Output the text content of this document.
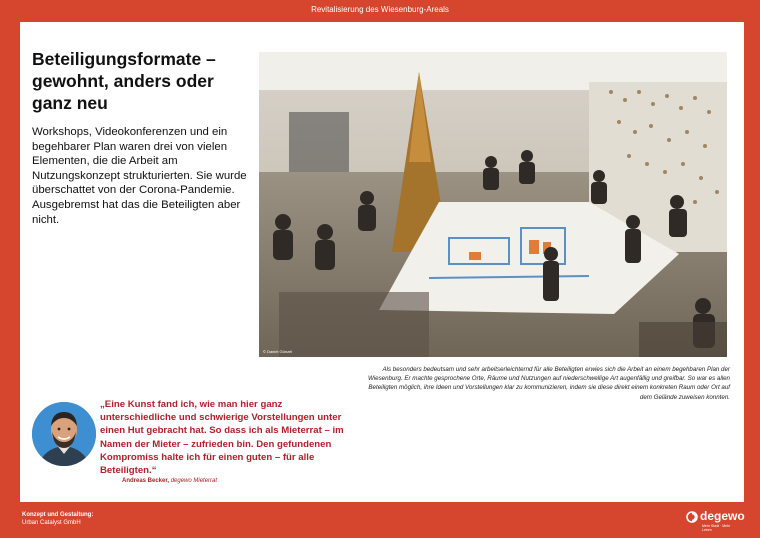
Revitalisierung des Wiesenburg-Areals
Beteiligungsformate – gewohnt, anders oder ganz neu

Workshops, Videokonferenzen und ein begehbarer Plan waren drei von vielen Elementen, die die Arbeit am Nutzungskonzept strukturierten. Sie wurde überschattet von der Corona-Pandemie. Ausgebremst hat das die Beteiligten aber nicht.

© Daniel Günzel

Als besonders bedeutsam und sehr arbeitserleichternd für alle Beteiligten erwies sich die Arbeit an einem begehbaren Plan der Wiesenburg. Er machte gesprochene Orte, Räume und Nutzungen auf niederschwellige Art augenfällig und greifbar. So war es allen Beteiligten möglich, ihre Ideen und Vorstellungen klar zu kommunizieren, indem sie diese direkt einem konkreten Raum oder Ort auf dem Gelände zuweisen konnten.

„Eine Kunst fand ich, wie man hier ganz unterschiedliche und schwierige Vorstellungen unter einen Hut gebracht hat. So dass ich als Mieterrat – im Namen der Mieter – zufrieden bin. Den gefundenen Kompromiss halte ich für einen guten – für alle Beteiligten.“

Andreas Becker, degewo Mieterrat
Konzept und Gestaltung:
Urban Catalyst GmbH	degewo
Mehr Stadt · Mehr Leben
